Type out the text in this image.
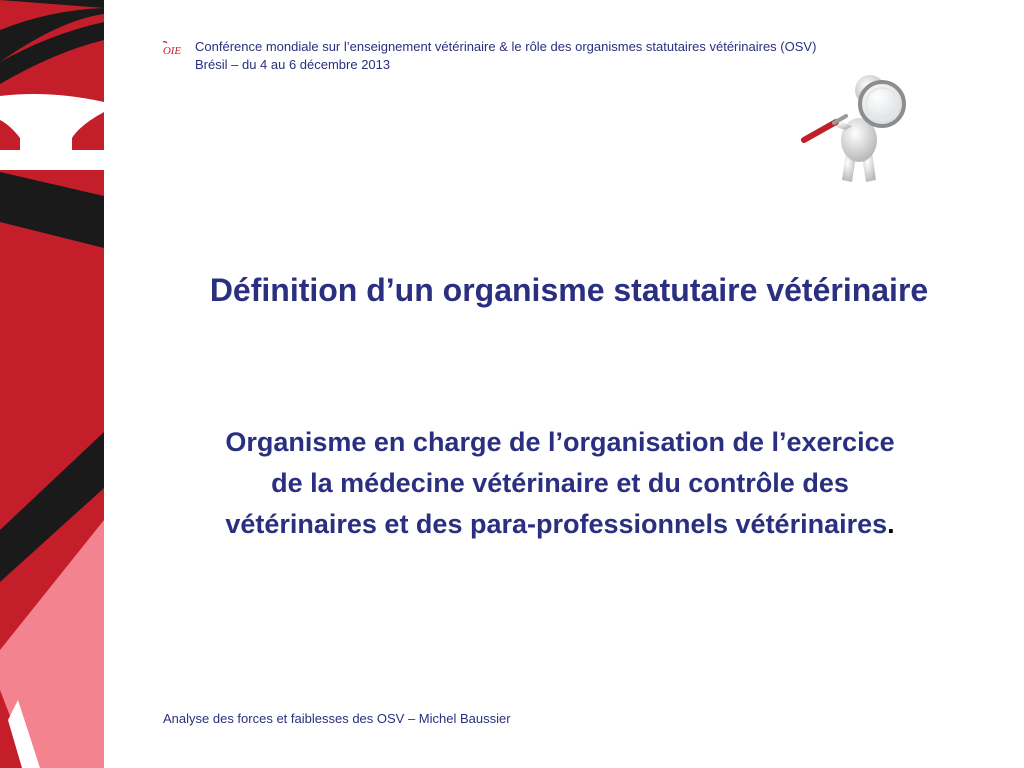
OIE Conférence mondiale sur l’enseignement vétérinaire & le rôle des organismes statutaires vétérinaires (OSV)
Brésil – du 4 au 6 décembre 2013
Définition d’un organisme statutaire vétérinaire
Organisme en charge de l’organisation de l’exercice
de la médecine vétérinaire et du contrôle des
vétérinaires et des para-professionnels vétérinaires.
Analyse des forces et faiblesses des OSV – Michel Baussier
